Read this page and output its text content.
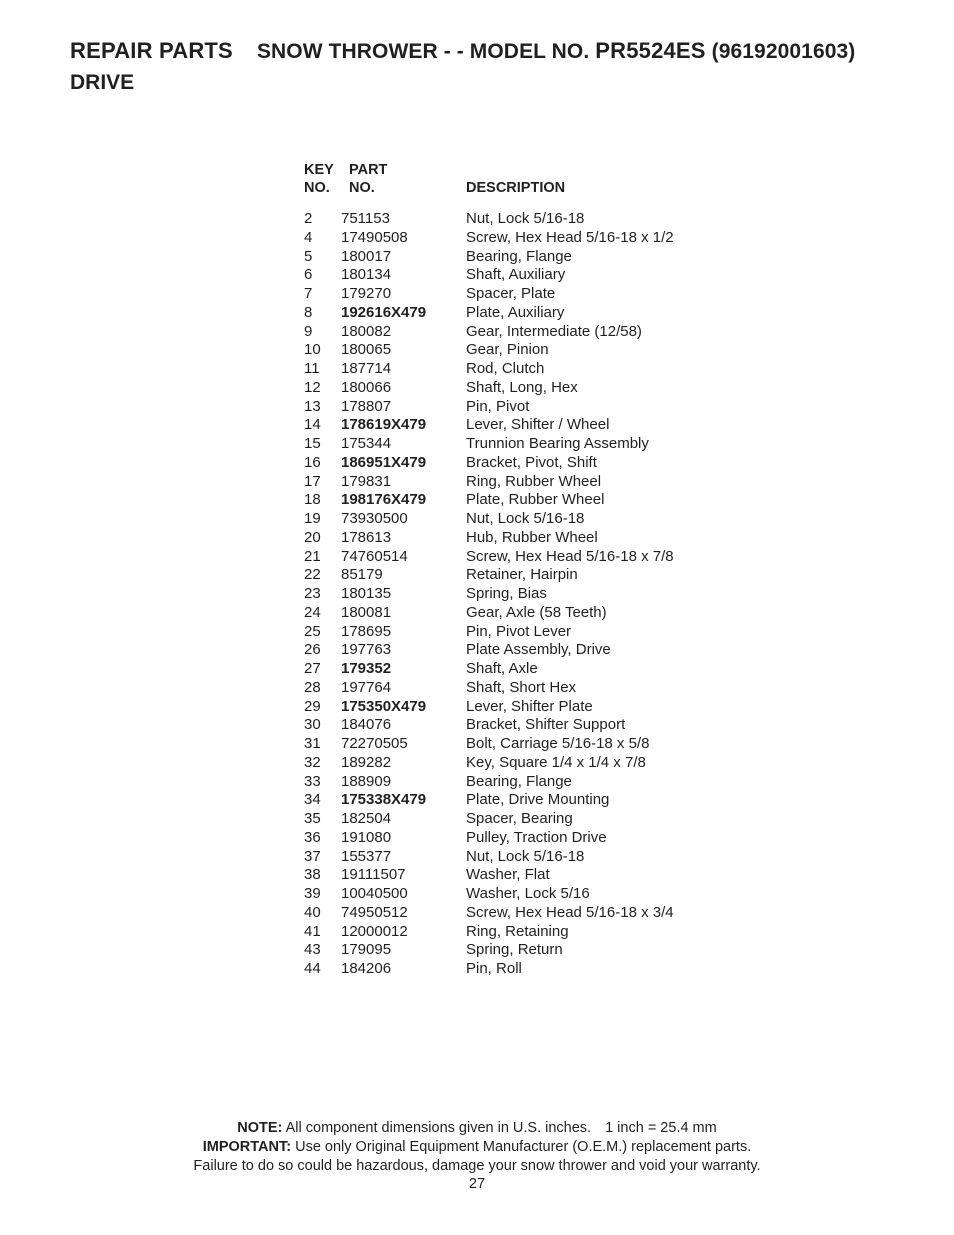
REPAIR PARTS SNOW THROWER - - MODEL NO. PR5524ES (96192001603)
DRIVE
KEY
NO.
PART
NO.	DESCRIPTION
2 751153	Nut, Lock 5/16-18
4 17490508	Screw, Hex Head 5/16-18 x 1/2
5 180017	Bearing, Flange
6 180134	Shaft, Auxiliary
7 179270	Spacer, Plate
8 192616X479	Plate, Auxiliary
9 180082	Gear, Intermediate (12/58)
10 180065	Gear, Pinion
11 187714	Rod, Clutch
12 180066	Shaft, Long, Hex
13 178807	Pin, Pivot
14 178619X479	Lever, Shifter / Wheel
15 175344	Trunnion Bearing Assembly
16 186951X479	Bracket, Pivot, Shift
17 179831	Ring, Rubber Wheel
18 198176X479	Plate, Rubber Wheel
19 73930500	Nut, Lock 5/16-18
20 178613	Hub, Rubber Wheel
21 74760514	Screw, Hex Head 5/16-18 x 7/8
22 85179	Retainer, Hairpin
23 180135	Spring, Bias
24 180081	Gear, Axle (58 Teeth)
25 178695	Pin, Pivot Lever
26 197763	Plate Assembly, Drive
27 179352	Shaft, Axle
28 197764	Shaft, Short Hex
29 175350X479	Lever, Shifter Plate
30 184076	Bracket, Shifter Support
31 72270505	Bolt, Carriage 5/16-18 x 5/8
32 189282	Key, Square 1/4 x 1/4 x 7/8
33 188909	Bearing, Flange
34 175338X479	Plate, Drive Mounting
35 182504	Spacer, Bearing
36 191080	Pulley, Traction Drive
37 155377	Nut, Lock 5/16-18
38 19111507	Washer, Flat
39 10040500	Washer, Lock 5/16
40 74950512	Screw, Hex Head 5/16-18 x 3/4
41 12000012	Ring, Retaining
43 179095	Spring, Return
44 184206	Pin, Roll
NOTE: All component dimensions given in U.S. inches. 1 inch = 25.4 mm
IMPORTANT: Use only Original Equipment Manufacturer (O.E.M.) replacement parts.
Failure to do so could be hazardous, damage your snow thrower and void your warranty.
27
